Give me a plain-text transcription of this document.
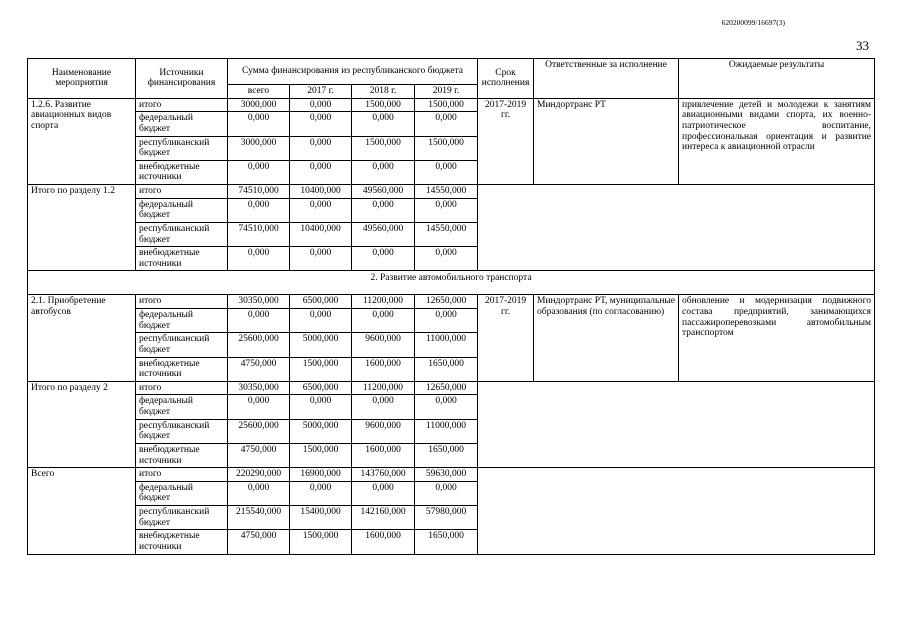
620200099/16697(3)
33
Наименование мероприятия	Источники финансирования	Сумма финансирования из республиканского бюджета				Срок исполнения	Ответственные за исполнение	Ожидаемые результаты
		всего	2017 г.	2018 г.	2019 г.			
1.2.6. Развитие авиационных видов спорта	итого	3000,000	0,000	1500,000	1500,000	2017-2019 гг.	Миндортранс РТ	привлечение детей и молодежи к занятиям авиационными видами спорта, их военно-патриотическое воспитание, профессиональная ориентация и развитие интереса к авиационной отрасли
	федеральный бюджет	0,000	0,000	0,000	0,000			
	республиканский бюджет	3000,000	0,000	1500,000	1500,000			
	внебюджетные источники	0,000	0,000	0,000	0,000			
Итого по разделу 1.2	итого	74510,000	10400,000	49560,000	14550,000			
	федеральный бюджет	0,000	0,000	0,000	0,000			
	республиканский бюджет	74510,000	10400,000	49560,000	14550,000			
	внебюджетные источники	0,000	0,000	0,000	0,000			
2. Развитие автомобильного транспорта								
2.1. Приобретение автобусов	итого	30350,000	6500,000	11200,000	12650,000	2017-2019 гг.	Миндортранс РТ, муниципальные образования (по согласованию)	обновление и модернизация подвижного состава предприятий, занимающихся пассажироперевозками автомобильным транспортом
	федеральный бюджет	0,000	0,000	0,000	0,000			
	республиканский бюджет	25600,000	5000,000	9600,000	11000,000			
	внебюджетные источники	4750,000	1500,000	1600,000	1650,000			
Итого по разделу 2	итого	30350,000	6500,000	11200,000	12650,000			
	федеральный бюджет	0,000	0,000	0,000	0,000			
	республиканский бюджет	25600,000	5000,000	9600,000	11000,000			
	внебюджетные источники	4750,000	1500,000	1600,000	1650,000			
Всего	итого	220290,000	16900,000	143760,000	59630,000			
	федеральный бюджет	0,000	0,000	0,000	0,000			
	республиканский бюджет	215540,000	15400,000	142160,000	57980,000			
	внебюджетные источники	4750,000	1500,000	1600,000	1650,000			
